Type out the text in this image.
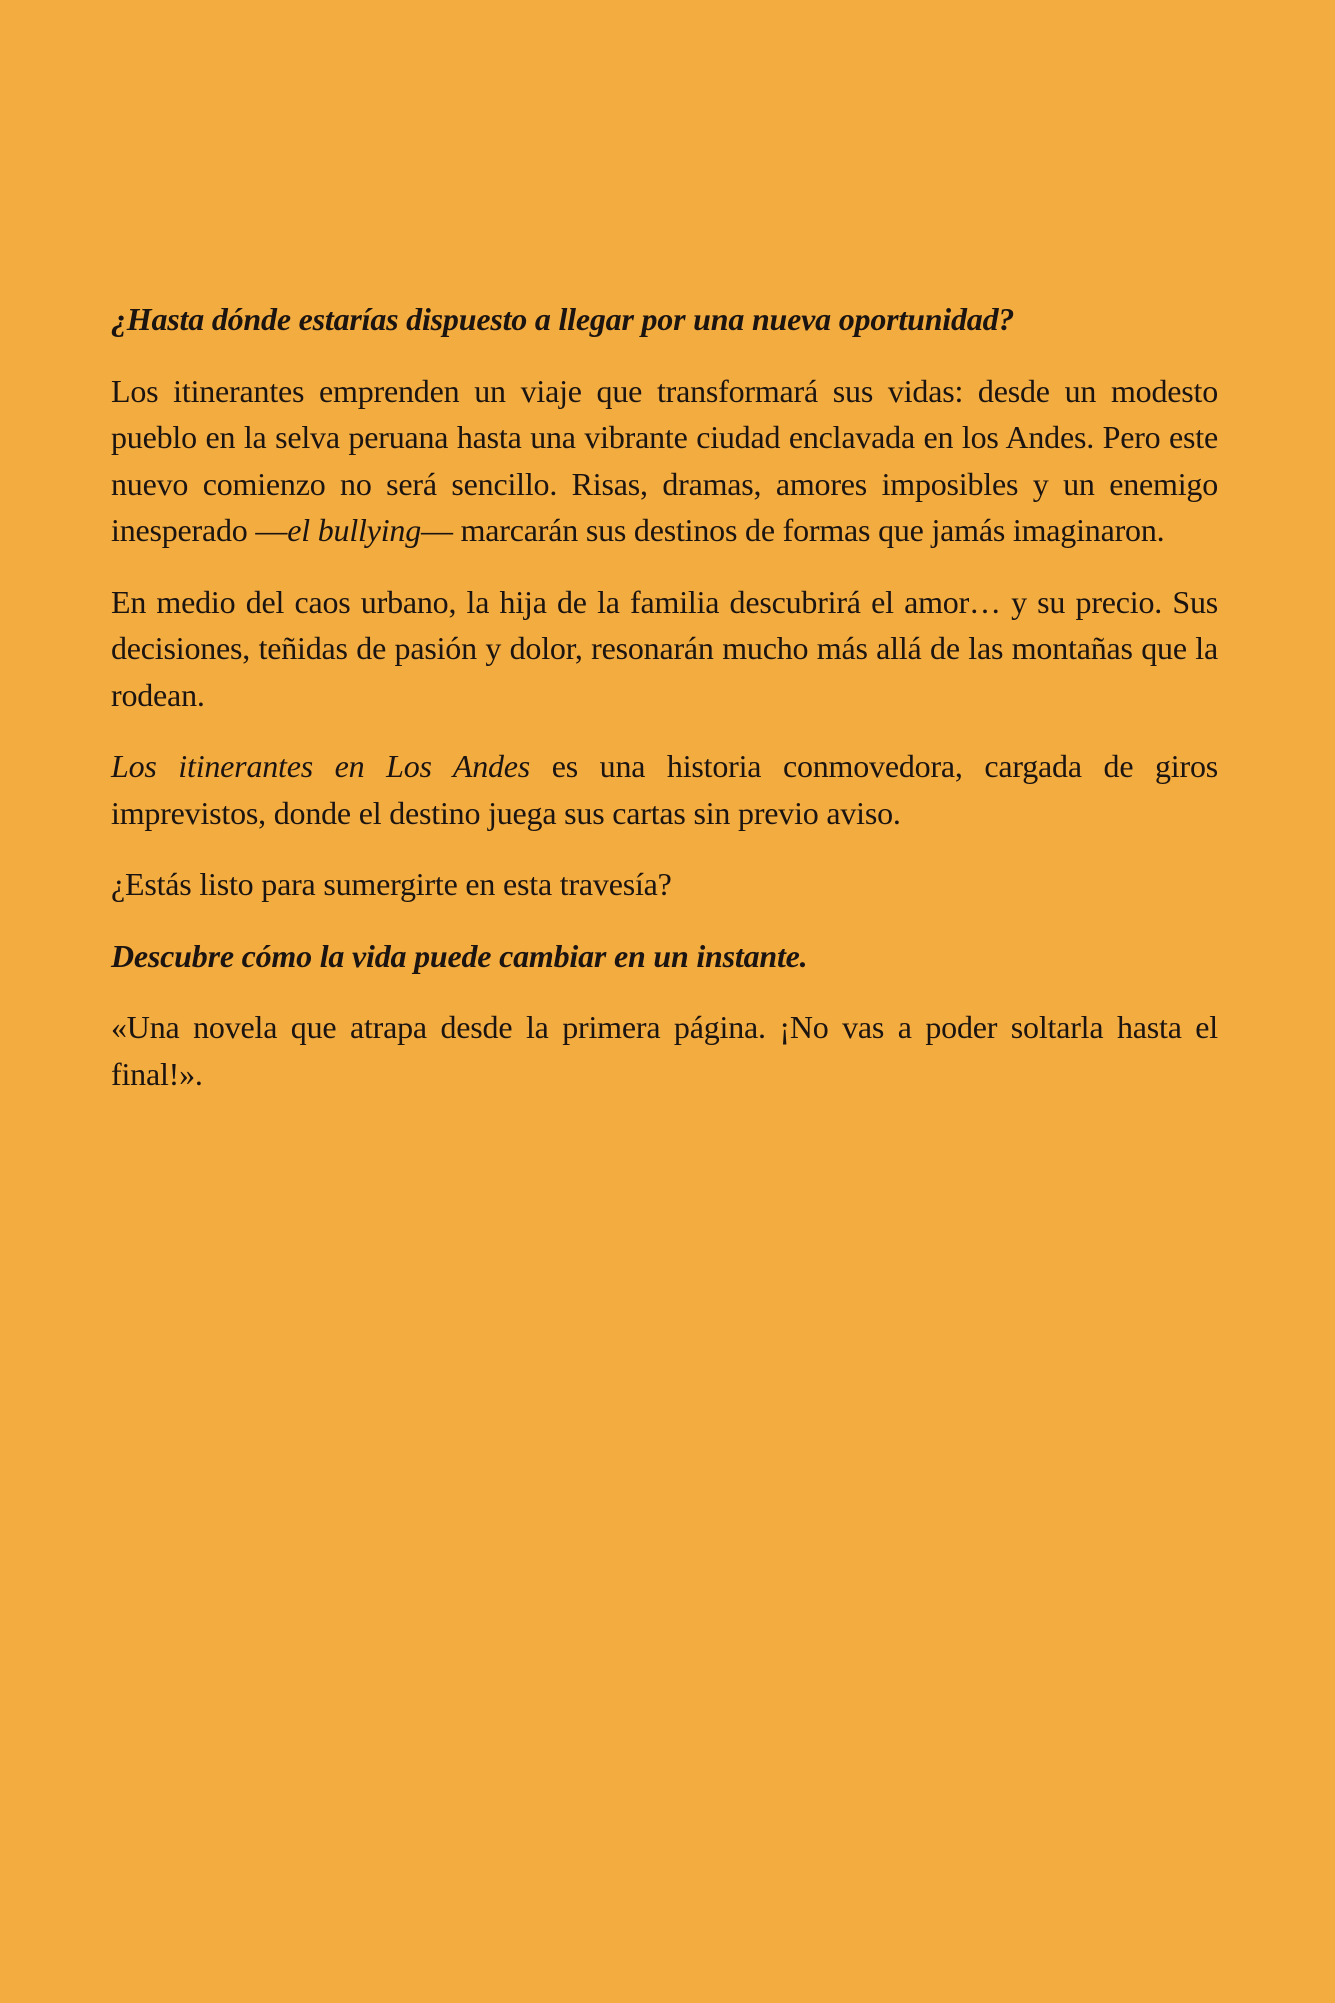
¿Hasta dónde estarías dispuesto a llegar por una nueva oportunidad?

Los itinerantes emprenden un viaje que transformará sus vidas: desde un modesto pueblo en la selva peruana hasta una vibrante ciudad enclavada en los Andes. Pero este nuevo comienzo no será sencillo. Risas, dramas, amores imposibles y un enemigo inesperado —el bullying— marcarán sus destinos de formas que jamás imaginaron.

En medio del caos urbano, la hija de la familia descubrirá el amor… y su precio. Sus decisiones, teñidas de pasión y dolor, resonarán mucho más allá de las montañas que la rodean.

Los itinerantes en Los Andes es una historia conmovedora, cargada de giros imprevistos, donde el destino juega sus cartas sin previo aviso.

¿Estás listo para sumergirte en esta travesía?

Descubre cómo la vida puede cambiar en un instante.

«Una novela que atrapa desde la primera página. ¡No vas a poder soltarla hasta el final!».
